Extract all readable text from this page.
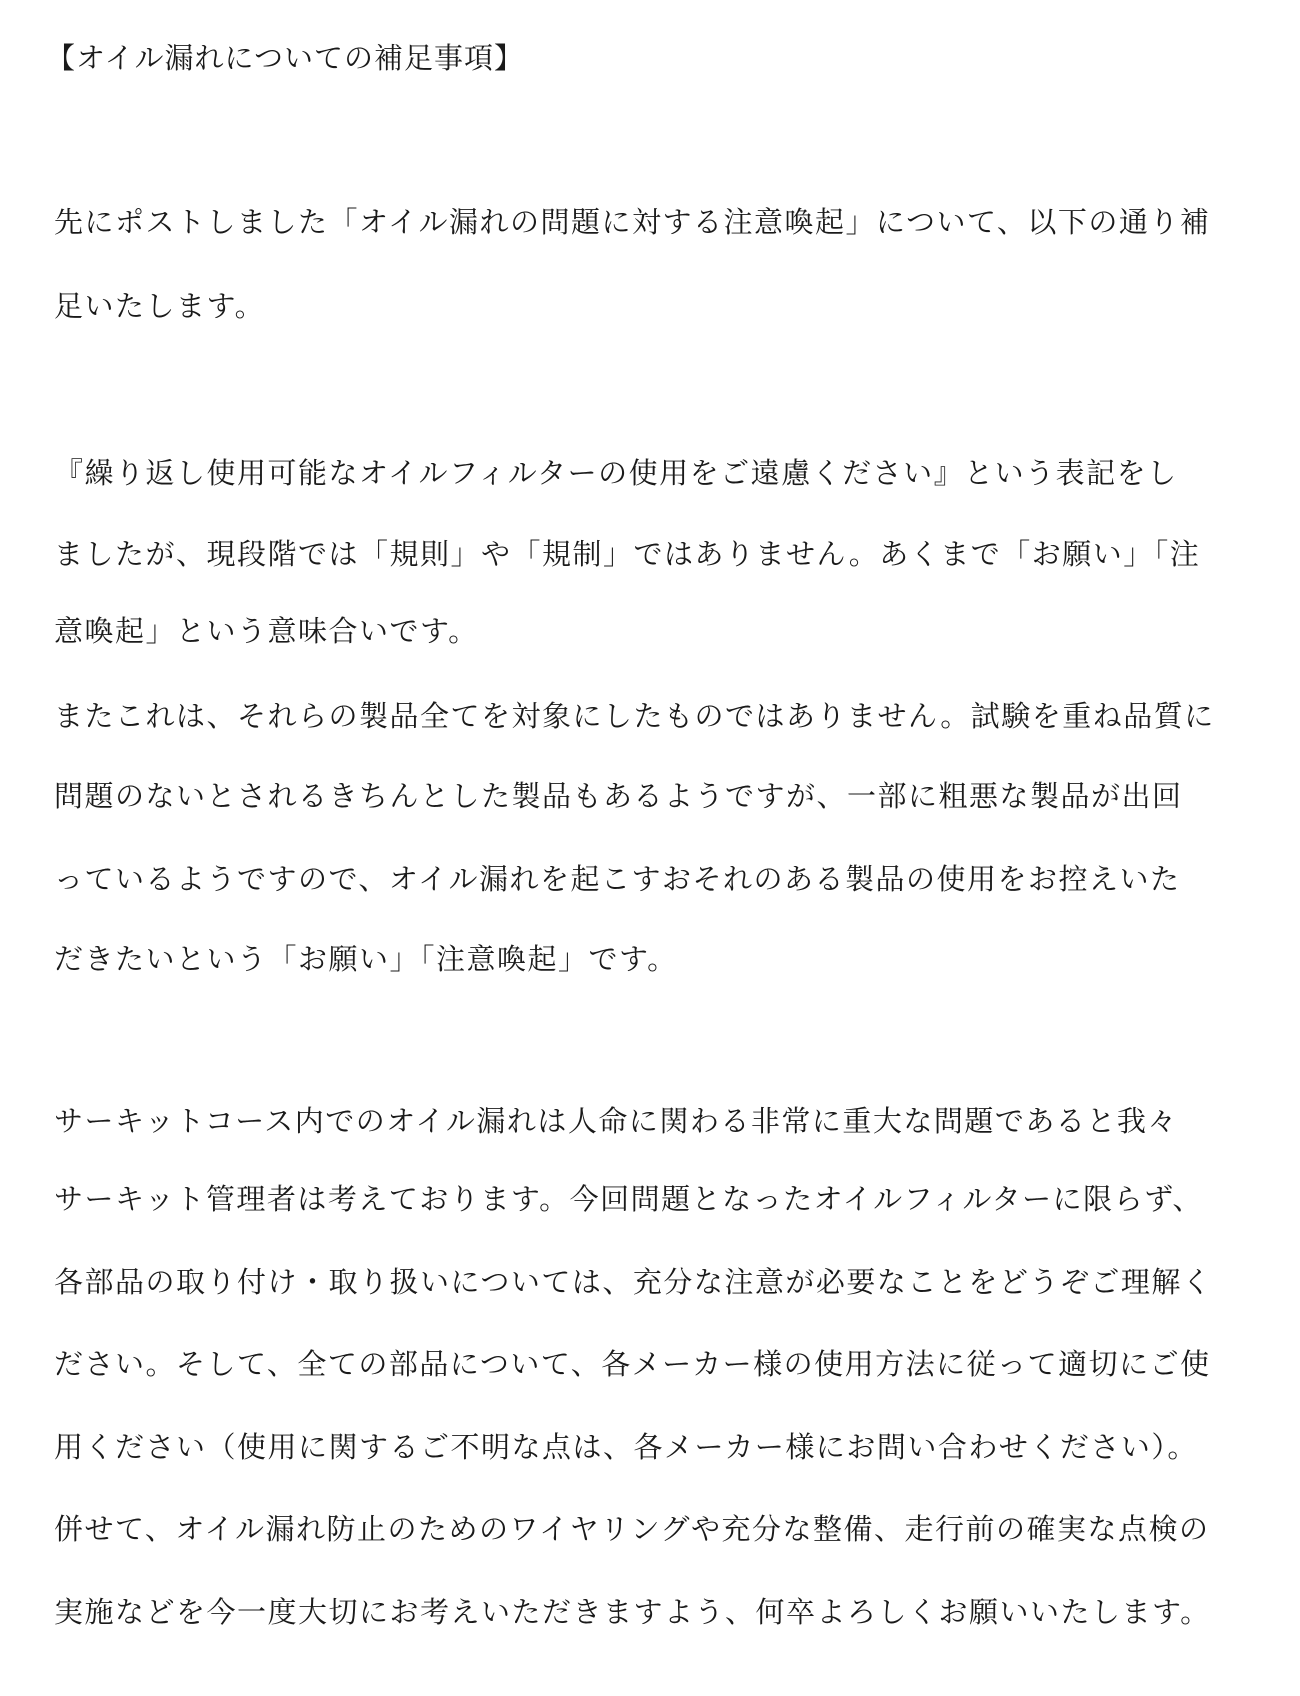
【オイル漏れについての補足事項】
先にポストしました「オイル漏れの問題に対する注意喚起」について、以下の通り補
足いたします。
『繰り返し使用可能なオイルフィルターの使用をご遠慮ください』という表記をし
ましたが、現段階では「規則」や「規制」ではありません。あくまで「お願い」「注
意喚起」という意味合いです。
またこれは、それらの製品全てを対象にしたものではありません。試験を重ね品質に
問題のないとされるきちんとした製品もあるようですが、一部に粗悪な製品が出回
っているようですので、オイル漏れを起こすおそれのある製品の使用をお控えいた
だきたいという「お願い」「注意喚起」です。
サーキットコース内でのオイル漏れは人命に関わる非常に重大な問題であると我々
サーキット管理者は考えております。今回問題となったオイルフィルターに限らず、
各部品の取り付け・取り扱いについては、充分な注意が必要なことをどうぞご理解く
ださい。そして、全ての部品について、各メーカー様の使用方法に従って適切にご使
用ください（使用に関するご不明な点は、各メーカー様にお問い合わせください）。
併せて、オイル漏れ防止のためのワイヤリングや充分な整備、走行前の確実な点検の
実施などを今一度大切にお考えいただきますよう、何卒よろしくお願いいたします。
